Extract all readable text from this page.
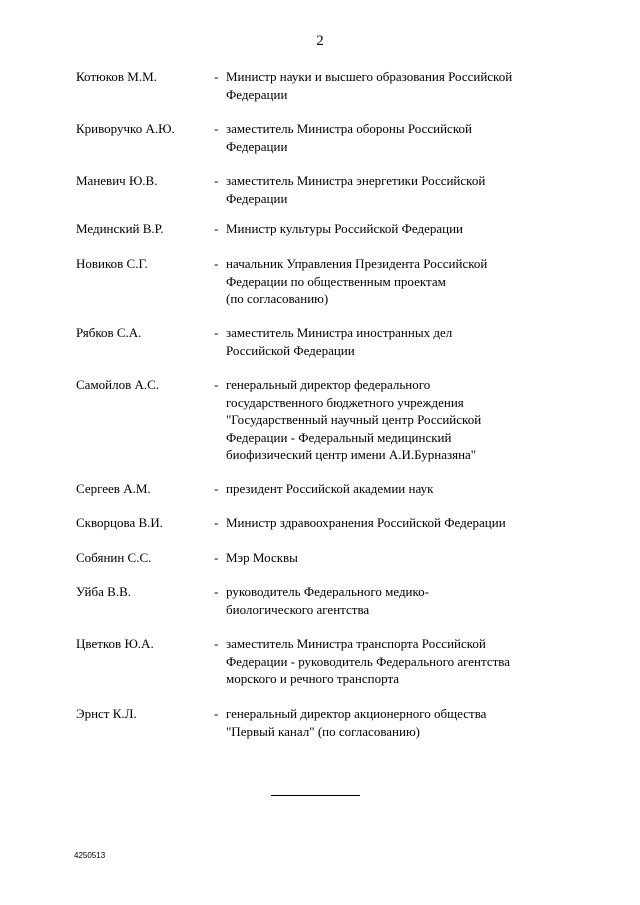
2
Котюков М.М.	- Министр науки и высшего образования Российской
Федерации
Криворучко А.Ю.	- заместитель Министра обороны Российской
Федерации
Маневич Ю.В.	- заместитель Министра энергетики Российской
Федерации
Мединский В.Р.	- Министр культуры Российской Федерации
Новиков С.Г.	- начальник Управления Президента Российской
Федерации по общественным проектам
(по согласованию)
Рябков С.А.	- заместитель Министра иностранных дел
Российской Федерации
Самойлов А.С.	- генеральный директор федерального
государственного бюджетного учреждения
"Государственный научный центр Российской
Федерации - Федеральный медицинский
биофизический центр имени А.И.Бурназяна"
Сергеев А.М.	- президент Российской академии наук
Скворцова В.И.	- Министр здравоохранения Российской Федерации
Собянин С.С.	- Мэр Москвы
Уйба В.В.	- руководитель Федерального медико-
биологического агентства
Цветков Ю.А.	- заместитель Министра транспорта Российской
Федерации - руководитель Федерального агентства
морского и речного транспорта
Эрнст К.Л.	- генеральный директор акционерного общества
"Первый канал" (по согласованию)
4250513
